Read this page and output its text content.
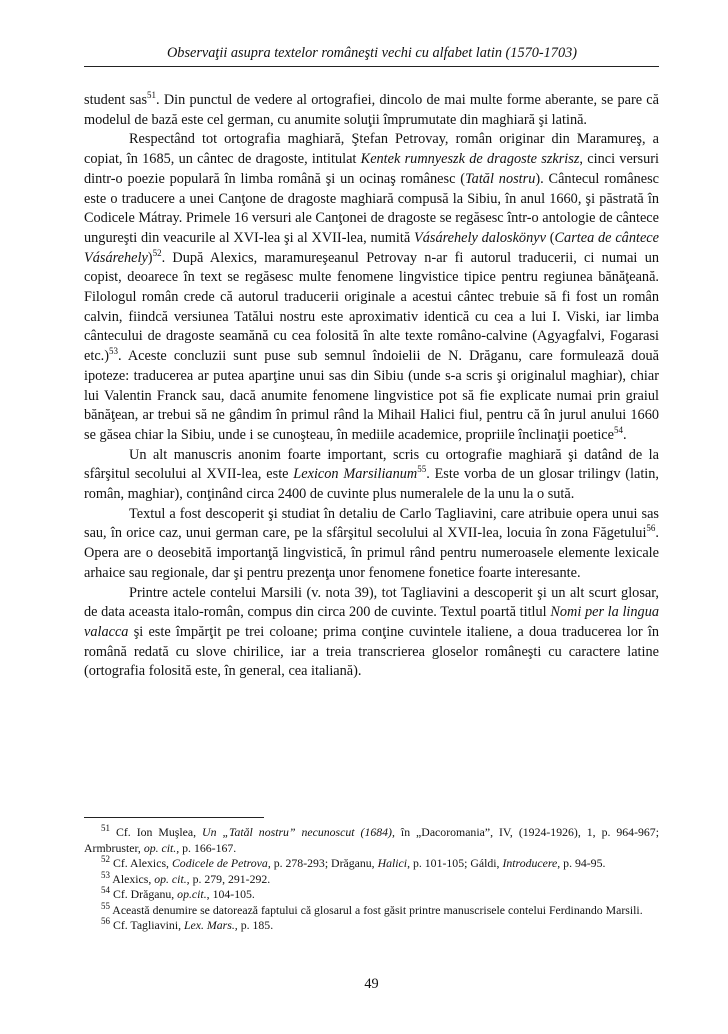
Observaţii asupra textelor româneşti vechi cu alfabet latin (1570-1703)

student sas$^{51}$. Din punctul de vedere al ortografiei, dincolo de mai multe forme aberante, se pare că modelul de bază este cel german, cu anumite soluţii împrumutate din maghiară şi latină.

Respectând tot ortografia maghiară, Ştefan Petrovay, român originar din Maramureş, a copiat, în 1685, un cântec de dragoste, intitulat Kentek rumnyeszk de dragoste szkrisz, cinci versuri dintr-o poezie populară în limba română şi un ocinaş românesc (Tatăl nostru). Cântecul românesc este o traducere a unei Canţone de dragoste maghiară compusă la Sibiu, în anul 1660, şi păstrată în Codicele Mátray. Primele 16 versuri ale Canţonei de dragoste se regăsesc într-o antologie de cântece ungureşti din veacurile al XVI-lea şi al XVII-lea, numită Vásárehely daloskönyv (Cartea de cântece Vásárehely)$^{52}$. După Alexics, maramureşeanul Petrovay n-ar fi autorul traducerii, ci numai un copist, deoarece în text se regăsesc multe fenomene lingvistice tipice pentru regiunea bănăţeană. Filologul român crede că autorul traducerii originale a acestui cântec trebuie să fi fost un român calvin, fiindcă versiunea Tatălui nostru este aproximativ identică cu cea a lui I. Viski, iar limba cântecului de dragoste seamănă cu cea folosită în alte texte româno-calvine (Agyagfalvi, Fogarasi etc.)$^{53}$. Aceste concluzii sunt puse sub semnul îndoielii de N. Drăganu, care formulează două ipoteze: traducerea ar putea aparţine unui sas din Sibiu (unde s-a scris şi originalul maghiar), chiar lui Valentin Franck sau, dacă anumite fenomene lingvistice pot să fie explicate numai prin graiul bănăţean, ar trebui să ne gândim în primul rând la Mihail Halici fiul, pentru că în jurul anului 1660 se găsea chiar la Sibiu, unde i se cunoşteau, în mediile academice, propriile înclinaţii poetice$^{54}$.

Un alt manuscris anonim foarte important, scris cu ortografie maghiară şi datând de la sfârşitul secolului al XVII-lea, este Lexicon Marsilianum$^{55}$. Este vorba de un glosar trilingv (latin, român, maghiar), conţinând circa 2400 de cuvinte plus numeralele de la unu la o sută.

Textul a fost descoperit şi studiat în detaliu de Carlo Tagliavini, care atribuie opera unui sas sau, în orice caz, unui german care, pe la sfârşitul secolului al XVII-lea, locuia în zona Făgetului$^{56}$. Opera are o deosebită importanţă lingvistică, în primul rând pentru numeroasele elemente lexicale arhaice sau regionale, dar şi pentru prezenţa unor fenomene fonetice foarte interesante.

Printre actele contelui Marsili (v. nota 39), tot Tagliavini a descoperit şi un alt scurt glosar, de data aceasta italo-român, compus din circa 200 de cuvinte. Textul poartă titlul Nomi per la lingua valacca şi este împărţit pe trei coloane; prima conţine cuvintele italiene, a doua traducerea lor în română redată cu slove chirilice, iar a treia transcrierea gloselor româneşti cu caractere latine (ortografia folosită este, în general, cea italiană).

$^{51}$ Cf. Ion Muşlea, Un „Tatăl nostru” necunoscut (1684), în „Dacoromania”, IV, (1924-1926), 1, p. 964-967; Armbruster, op. cit., p. 166-167.

$^{52}$ Cf. Alexics, Codicele de Petrova, p. 278-293; Drăganu, Halici, p. 101-105; Gáldi, Introducere, p. 94-95.

$^{53}$ Alexics, op. cit., p. 279, 291-292.

$^{54}$ Cf. Drăganu, op.cit., 104-105.

$^{55}$ Această denumire se datorează faptului că glosarul a fost găsit printre manuscrisele contelui Ferdinando Marsili.

$^{56}$ Cf. Tagliavini, Lex. Mars., p. 185.

49
